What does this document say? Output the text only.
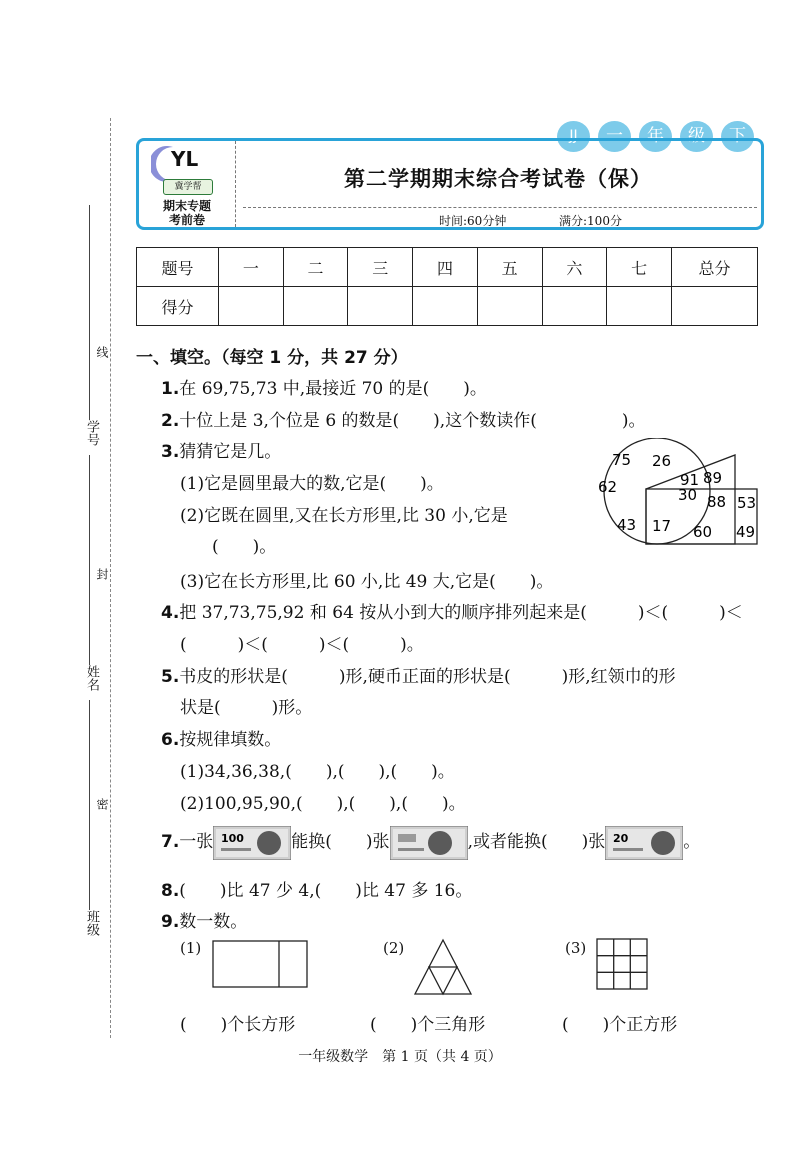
线
封
密
学号
姓名
班级
JJ	一	年	级	下
YL
冀学帮
期末专题
考前卷
第二学期期末综合考试卷（保）
时间:60分钟	满分:100分
题号	一	二	三	四	五	六	七	总分
得分								
一、填空。（每空 1 分，共 27 分）
1.在 69,75,73 中,最接近 70 的是(　　)。
2.十位上是 3,个位是 6 的数是(　　),这个数读作(　　　　　)。
3.猜猜它是几。
(1)它是圆里最大的数,它是(　　)。
(2)它既在圆里,又在长方形里,比 30 小,它是
(　　)。
(3)它在长方形里,比 60 小,比 49 大,它是(　　)。
75 26
62
43
91
30
17
89
88
60
53
49
4.把 37,73,75,92 和 64 按从小到大的顺序排列起来是(　　　)＜(　　　)＜
(　　　)＜(　　　)＜(　　　)。
5.书皮的形状是(　　　)形,硬币正面的形状是(　　　)形,红领巾的形
状是(　　　)形。
6.按规律填数。
(1)34,36,38,(　　),(　　),(　　)。
(2)100,95,90,(　　),(　　),(　　)。
7.一张 100	能换(　　)张	,或者能换(　　)张 20	。
8.(　　)比 47 少 4,(　　)比 47 多 16。
9.数一数。
(1)	(2)	(3)
(　　)个长方形	(　　)个三角形	(　　)个正方形
一年级数学　第 1 页（共 4 页）
